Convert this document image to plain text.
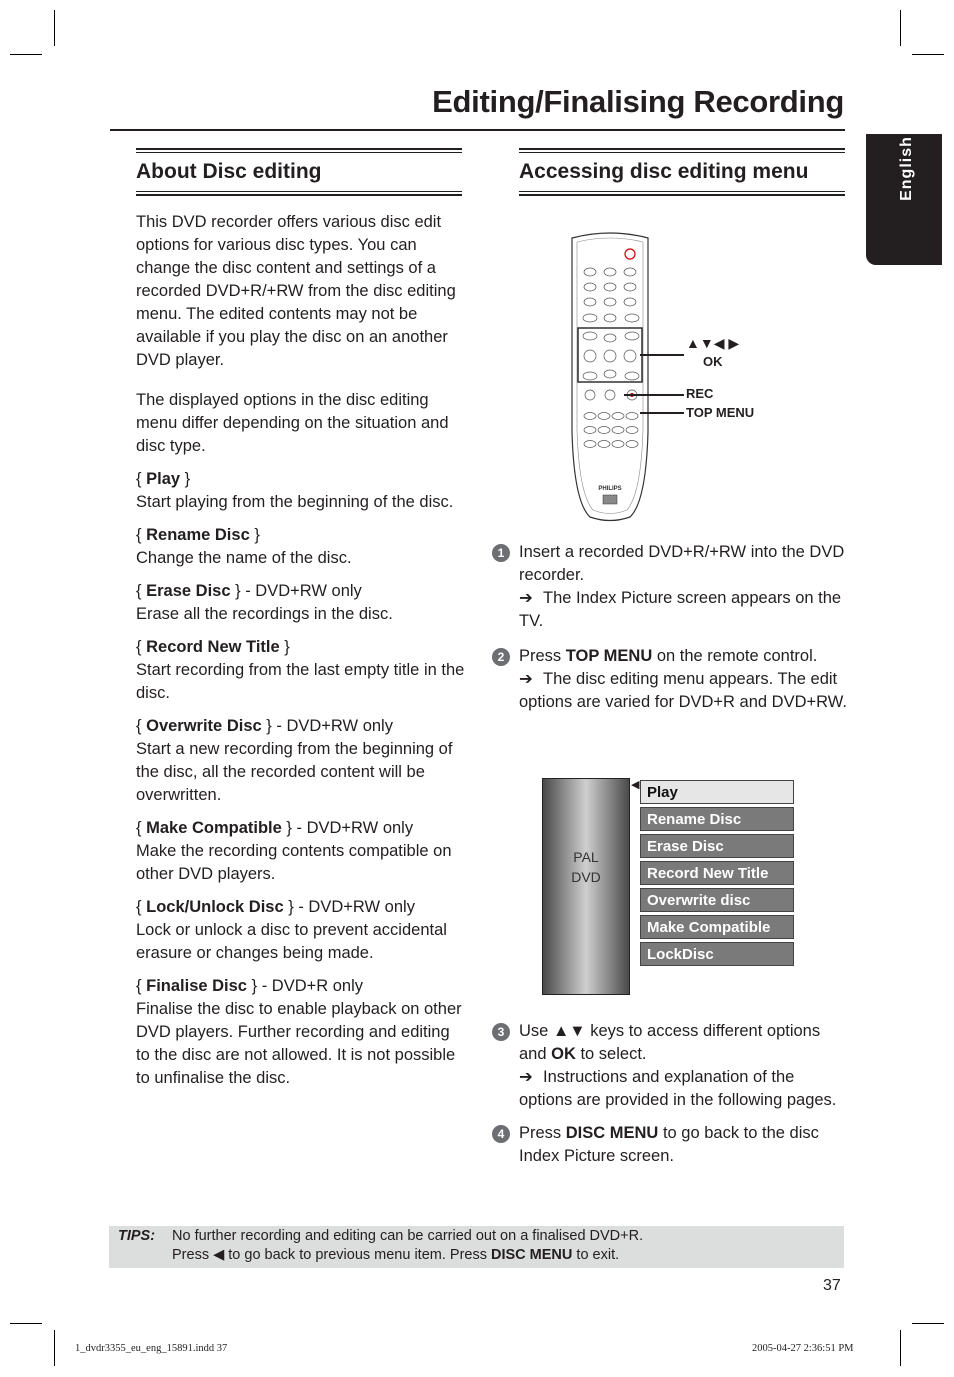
Editing/Finalising Recording
English
About Disc editing

This DVD recorder offers various disc edit options for various disc types. You can change the disc content and settings of a recorded DVD+R/+RW from the disc editing menu. The edited contents may not be available if you play the disc on an another DVD player.

The displayed options in the disc editing menu differ depending on the situation and disc type.

{ Play }

Start playing from the beginning of the disc.

{ Rename Disc }

Change the name of the disc.

{ Erase Disc } - DVD+RW only

Erase all the recordings in the disc.

{ Record New Title }

Start recording from the last empty title in the disc.

{ Overwrite Disc } - DVD+RW only

Start a new recording from the beginning of the disc, all the recorded content will be overwritten.

{ Make Compatible } - DVD+RW only

Make the recording contents compatible on other DVD players.

{ Lock/Unlock Disc } - DVD+RW only

Lock or unlock a disc to prevent accidental erasure or changes being made.

{ Finalise Disc } - DVD+R only

Finalise the disc to enable playback on other DVD players. Further recording and editing to the disc are not allowed. It is not possible to unfinalise the disc.

Accessing disc editing menu
PHILIPS
▲▼◀ ▶
OK
REC
TOP MENU
1 Insert a recorded DVD+R/+RW into the DVD recorder.
➔ The Index Picture screen appears on the TV.
2 Press TOP MENU on the remote control.
➔ The disc editing menu appears. The edit options are varied for DVD+R and DVD+RW.
PAL
DVD
◀ Play
Rename Disc
Erase Disc
Record New Title
Overwrite disc
Make Compatible
LockDisc
3 Use ▲▼ keys to access different options and OK to select.
➔ Instructions and explanation of the options are provided in the following pages.
4 Press DISC MENU to go back to the disc Index Picture screen.
TIPS: No further recording and editing can be carried out on a finalised DVD+R.
Press ◀ to go back to previous menu item. Press DISC MENU to exit.
37
1_dvdr3355_eu_eng_15891.indd 37	2005-04-27 2:36:51 PM
